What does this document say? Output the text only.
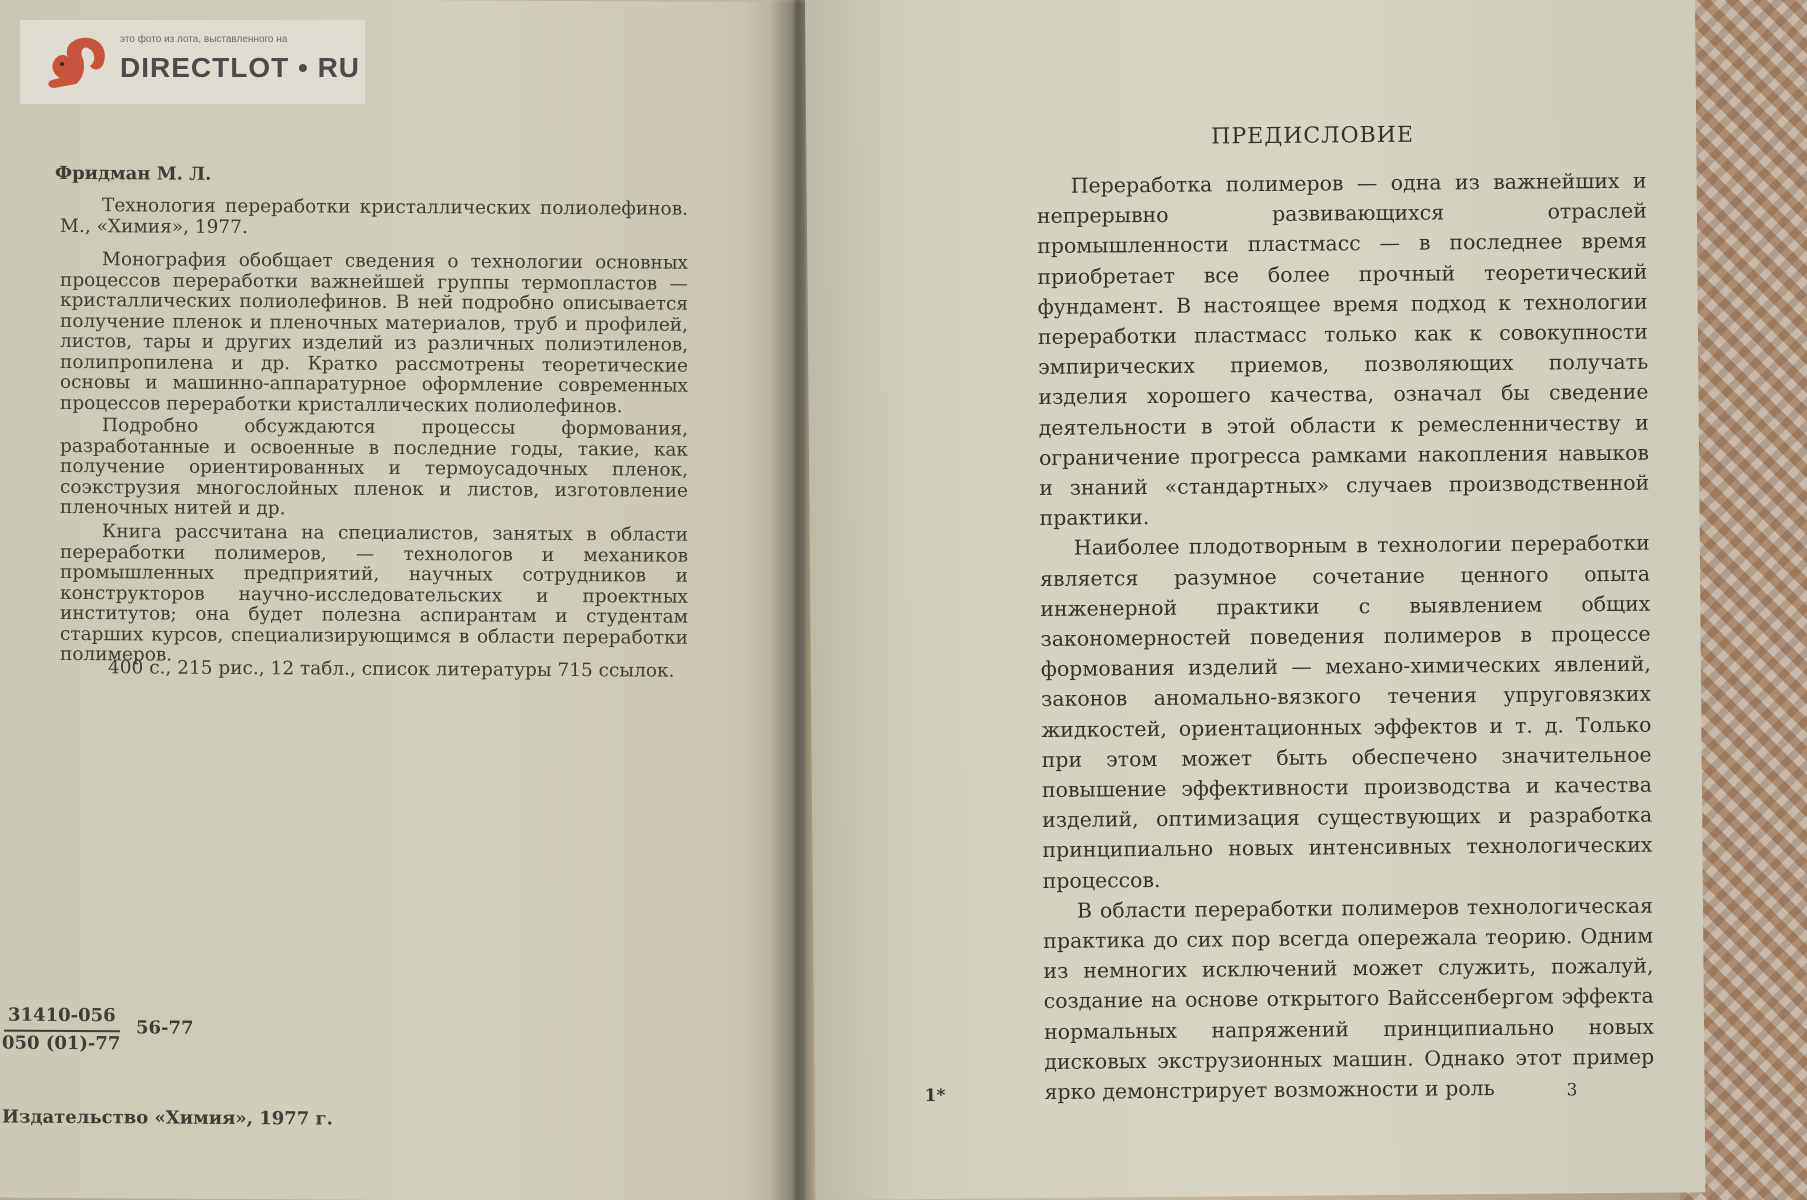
Фридман М. Л.
Технология переработки кристаллических полиолефинов. М., «Химия», 1977.
Монография обобщает сведения о технологии основных процессов переработки важнейшей группы термопластов — кристаллических полиолефинов. В ней подробно описывается получение пленок и пленочных материалов, труб и профилей, листов, тары и других изделий из различных полиэтиленов, полипропилена и др. Кратко рассмотрены теоретические основы и машинно-аппаратурное оформление современных процессов переработки кристаллических полиолефинов.
Подробно обсуждаются процессы формования, разработанные и освоенные в последние годы, такие, как получение ориентированных и термоусадочных пленок, соэкструзия многослойных пленок и листов, изготовление пленочных нитей и др.
Книга рассчитана на специалистов, занятых в области переработки полимеров, — технологов и механиков промышленных предприятий, научных сотрудников и конструкторов научно-исследовательских и проектных институтов; она будет полезна аспирантам и студентам старших курсов, специализирующимся в области переработки полимеров.
400 с., 215 рис., 12 табл., список литературы 715 ссылок.
31410-056
050 (01)-77
56-77
Издательство «Химия», 1977 г.
ПРЕДИСЛОВИЕ

Переработка полимеров — одна из важнейших и непрерывно развивающихся отраслей промышленности пластмасс — в последнее время приобретает все более прочный теоретический фундамент. В настоящее время подход к технологии переработки пластмасс только как к совокупности эмпирических приемов, позволяющих получать изделия хорошего качества, означал бы сведение деятельности в этой области к ремесленничеству и ограничение прогресса рамками накопления навыков и знаний «стандартных» случаев производственной практики.

Наиболее плодотворным в технологии переработки является разумное сочетание ценного опыта инженерной практики с выявлением общих закономерностей поведения полимеров в процессе формования изделий — механо-химических явлений, законов аномально-вязкого течения упруговязких жидкостей, ориентационных эффектов и т. д. Только при этом может быть обеспечено значительное повышение эффективности производства и качества изделий, оптимизация существующих и разработка принципиально новых интенсивных технологических процессов.

В области переработки полимеров технологическая практика до сих пор всегда опережала теорию. Одним из немногих исключений может служить, пожалуй, создание на основе открытого Вайссенбергом эффекта нормальных напряжений принципиально новых дисковых экструзионных машин. Однако этот пример ярко демонстрирует возможности и роль

1*	3
это фото из лота, выставленного на
DIRECTLOT • RU
